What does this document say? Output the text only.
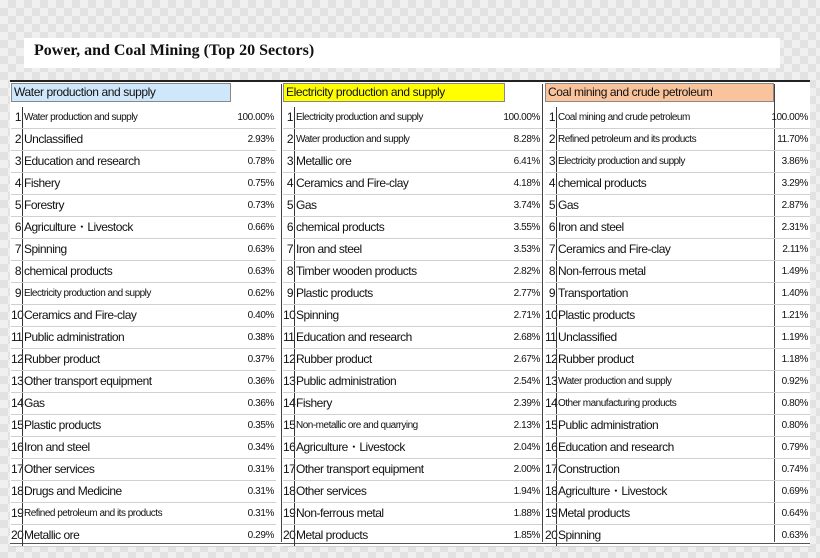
Power, and Coal Mining (Top 20 Sectors)
Water production and supply
1 Water production and supply	100.00%
2 Unclassified	2.93%
3 Education and research	0.78%
4 Fishery	0.75%
5 Forestry	0.73%
6 Agriculture・Livestock	0.66%
7 Spinning	0.63%
8 chemical products	0.63%
9 Electricity production and supply	0.62%
10 Ceramics and Fire-clay	0.40%
11 Public administration	0.38%
12 Rubber product	0.37%
13 Other transport equipment	0.36%
14 Gas	0.36%
15 Plastic products	0.35%
16 Iron and steel	0.34%
17 Other services	0.31%
18 Drugs and Medicine	0.31%
19 Refined petroleum and its products	0.31%
20 Metallic ore	0.29%
Electricity production and supply
1 Electricity production and supply	100.00%
2 Water production and supply	8.28%
3 Metallic ore	6.41%
4 Ceramics and Fire-clay	4.18%
5 Gas	3.74%
6 chemical products	3.55%
7 Iron and steel	3.53%
8 Timber wooden products	2.82%
9 Plastic products	2.77%
10 Spinning	2.71%
11 Education and research	2.68%
12 Rubber product	2.67%
13 Public administration	2.54%
14 Fishery	2.39%
15 Non-metallic ore and quarrying	2.13%
16 Agriculture・Livestock	2.04%
17 Other transport equipment	2.00%
18 Other services	1.94%
19 Non-ferrous metal	1.88%
20 Metal products	1.85%
Coal mining and crude petroleum
1 Coal mining and crude petroleum	100.00%
2 Refined petroleum and its products	11.70%
3 Electricity production and supply	3.86%
4 chemical products	3.29%
5 Gas	2.87%
6 Iron and steel	2.31%
7 Ceramics and Fire-clay	2.11%
8 Non-ferrous metal	1.49%
9 Transportation	1.40%
10 Plastic products	1.21%
11 Unclassified	1.19%
12 Rubber product	1.18%
13 Water production and supply	0.92%
14 Other manufacturing products	0.80%
15 Public administration	0.80%
16 Education and research	0.79%
17 Construction	0.74%
18 Agriculture・Livestock	0.69%
19 Metal products	0.64%
20 Spinning	0.63%
